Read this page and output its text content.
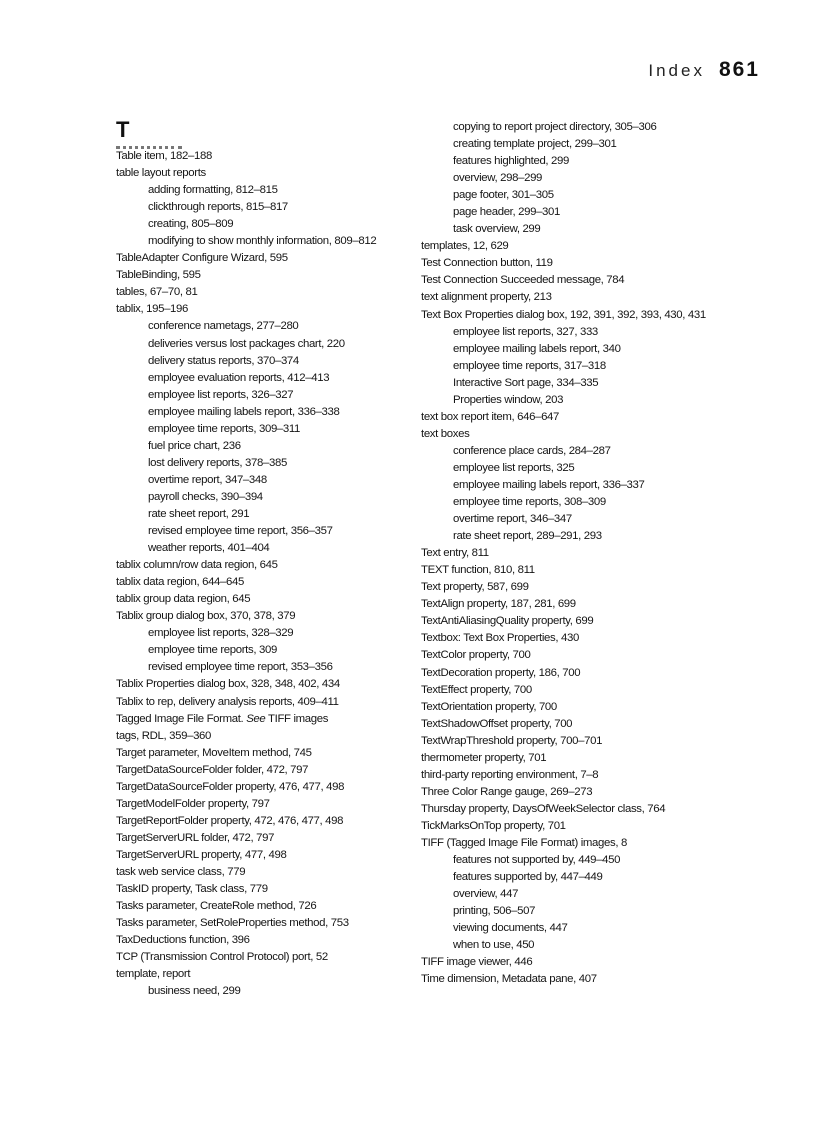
Index 861
T
Table item, 182–188
table layout reports
adding formatting, 812–815
clickthrough reports, 815–817
creating, 805–809
modifying to show monthly information, 809–812
TableAdapter Configure Wizard, 595
TableBinding, 595
tables, 67–70, 81
tablix, 195–196
conference nametags, 277–280
deliveries versus lost packages chart, 220
delivery status reports, 370–374
employee evaluation reports, 412–413
employee list reports, 326–327
employee mailing labels report, 336–338
employee time reports, 309–311
fuel price chart, 236
lost delivery reports, 378–385
overtime report, 347–348
payroll checks, 390–394
rate sheet report, 291
revised employee time report, 356–357
weather reports, 401–404
tablix column/row data region, 645
tablix data region, 644–645
tablix group data region, 645
Tablix group dialog box, 370, 378, 379
employee list reports, 328–329
employee time reports, 309
revised employee time report, 353–356
Tablix Properties dialog box, 328, 348, 402, 434
Tablix to rep, delivery analysis reports, 409–411
Tagged Image File Format. See TIFF images
tags, RDL, 359–360
Target parameter, MoveItem method, 745
TargetDataSourceFolder folder, 472, 797
TargetDataSourceFolder property, 476, 477, 498
TargetModelFolder property, 797
TargetReportFolder property, 472, 476, 477, 498
TargetServerURL folder, 472, 797
TargetServerURL property, 477, 498
task web service class, 779
TaskID property, Task class, 779
Tasks parameter, CreateRole method, 726
Tasks parameter, SetRoleProperties method, 753
TaxDeductions function, 396
TCP (Transmission Control Protocol) port, 52
template, report
business need, 299
copying to report project directory, 305–306
creating template project, 299–301
features highlighted, 299
overview, 298–299
page footer, 301–305
page header, 299–301
task overview, 299
templates, 12, 629
Test Connection button, 119
Test Connection Succeeded message, 784
text alignment property, 213
Text Box Properties dialog box, 192, 391, 392, 393, 430, 431
employee list reports, 327, 333
employee mailing labels report, 340
employee time reports, 317–318
Interactive Sort page, 334–335
Properties window, 203
text box report item, 646–647
text boxes
conference place cards, 284–287
employee list reports, 325
employee mailing labels report, 336–337
employee time reports, 308–309
overtime report, 346–347
rate sheet report, 289–291, 293
Text entry, 811
TEXT function, 810, 811
Text property, 587, 699
TextAlign property, 187, 281, 699
TextAntiAliasingQuality property, 699
Textbox: Text Box Properties, 430
TextColor property, 700
TextDecoration property, 186, 700
TextEffect property, 700
TextOrientation property, 700
TextShadowOffset property, 700
TextWrapThreshold property, 700–701
thermometer property, 701
third-party reporting environment, 7–8
Three Color Range gauge, 269–273
Thursday property, DaysOfWeekSelector class, 764
TickMarksOnTop property, 701
TIFF (Tagged Image File Format) images, 8
features not supported by, 449–450
features supported by, 447–449
overview, 447
printing, 506–507
viewing documents, 447
when to use, 450
TIFF image viewer, 446
Time dimension, Metadata pane, 407
